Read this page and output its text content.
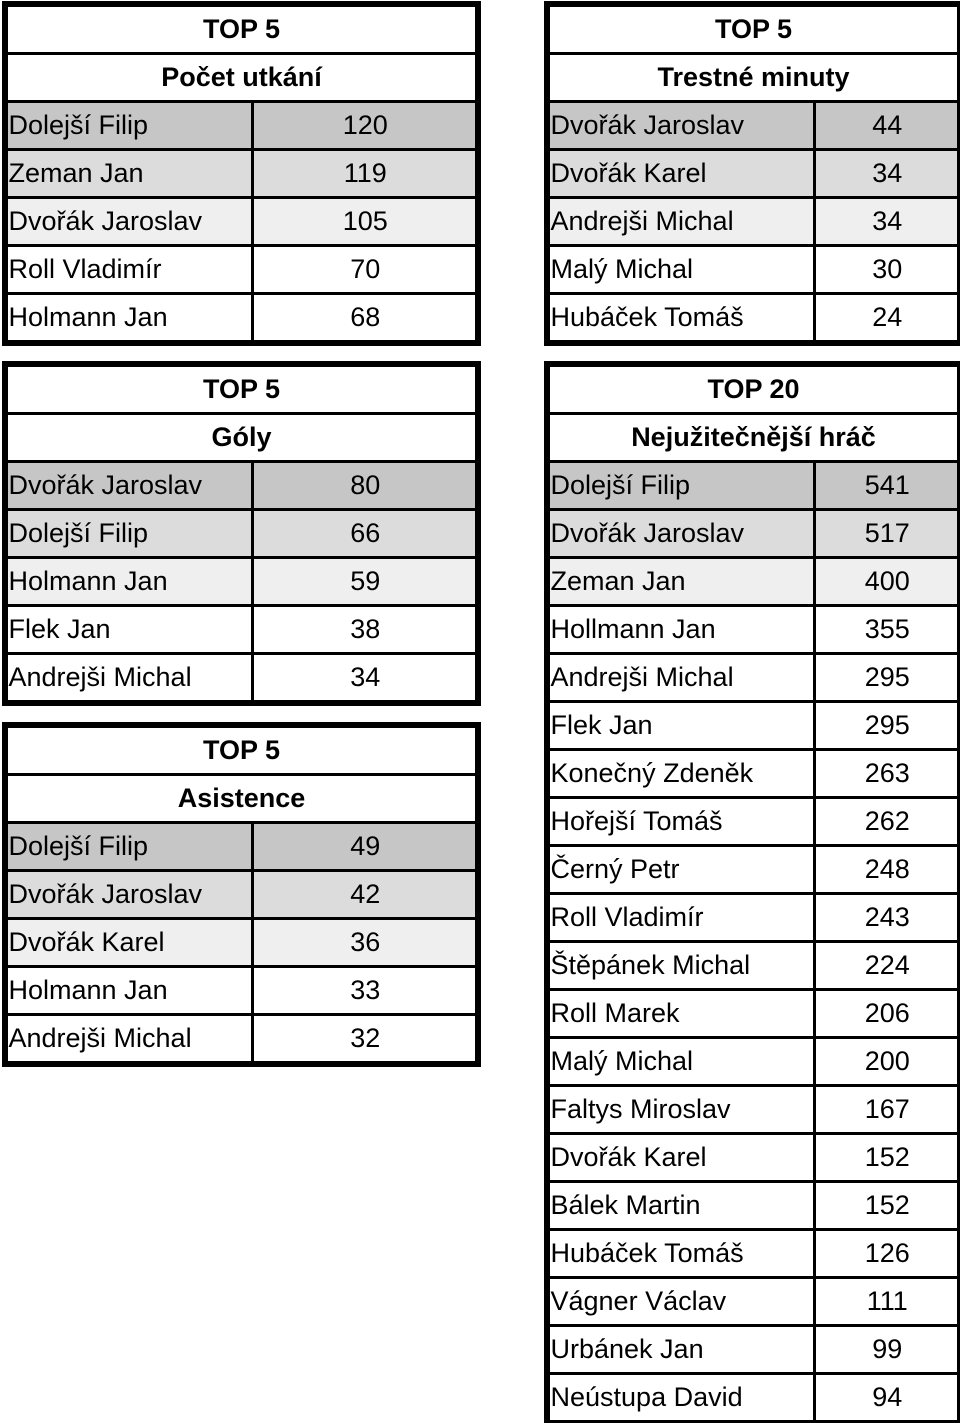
TOP 5	
Počet utkání	
Dolejší Filip	120
Zeman Jan	119
Dvořák Jaroslav	105
Roll Vladimír	70
Holmann Jan	68
TOP 5	
Trestné minuty	
Dvořák Jaroslav	44
Dvořák Karel	34
Andrejši Michal	34
Malý Michal	30
Hubáček Tomáš	24
TOP 5	
Góly	
Dvořák Jaroslav	80
Dolejší Filip	66
Holmann Jan	59
Flek Jan	38
Andrejši Michal	34
TOP 5	
Asistence	
Dolejší Filip	49
Dvořák Jaroslav	42
Dvořák Karel	36
Holmann Jan	33
Andrejši Michal	32
TOP 20	
Nejužitečnější hráč	
Dolejší Filip	541
Dvořák Jaroslav	517
Zeman Jan	400
Hollmann Jan	355
Andrejši Michal	295
Flek Jan	295
Konečný Zdeněk	263
Hořejší Tomáš	262
Černý Petr	248
Roll Vladimír	243
Štěpánek Michal	224
Roll Marek	206
Malý Michal	200
Faltys Miroslav	167
Dvořák Karel	152
Bálek Martin	152
Hubáček Tomáš	126
Vágner Václav	111
Urbánek Jan	99
Neústupa David	94
